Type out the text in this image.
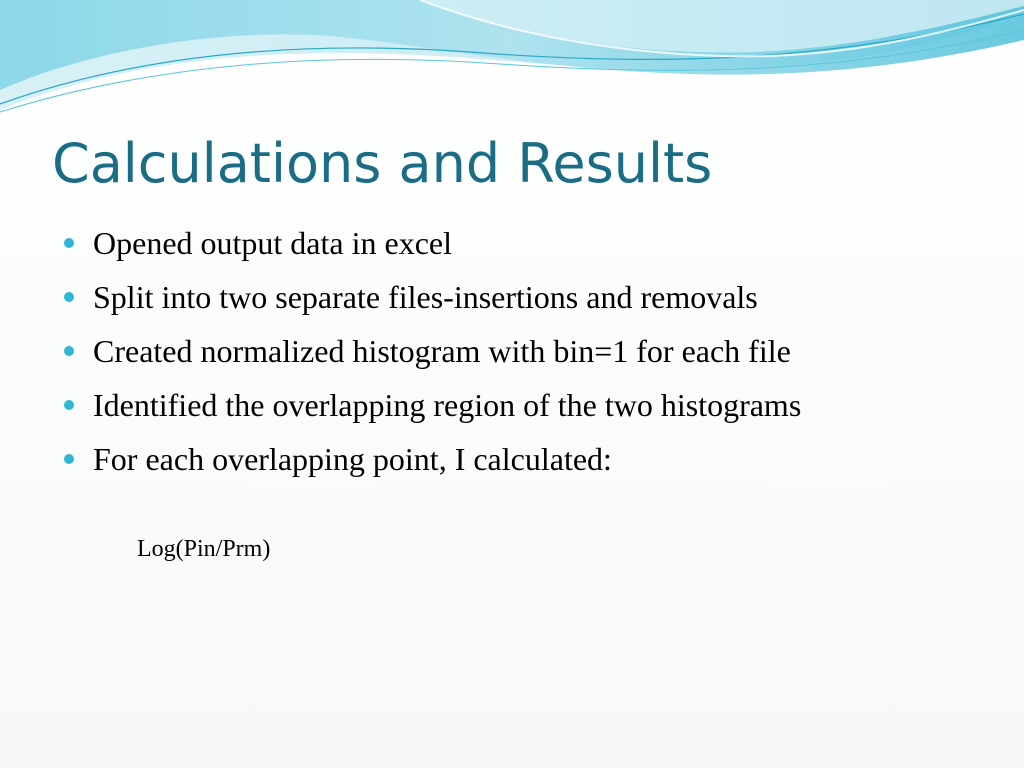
Calculations and Results
Opened output data in excel
Split into two separate files-insertions and removals
Created normalized histogram with bin=1 for each file
Identified the overlapping region of the two histograms
For each overlapping point, I calculated:
Log(Pin/Prm)
